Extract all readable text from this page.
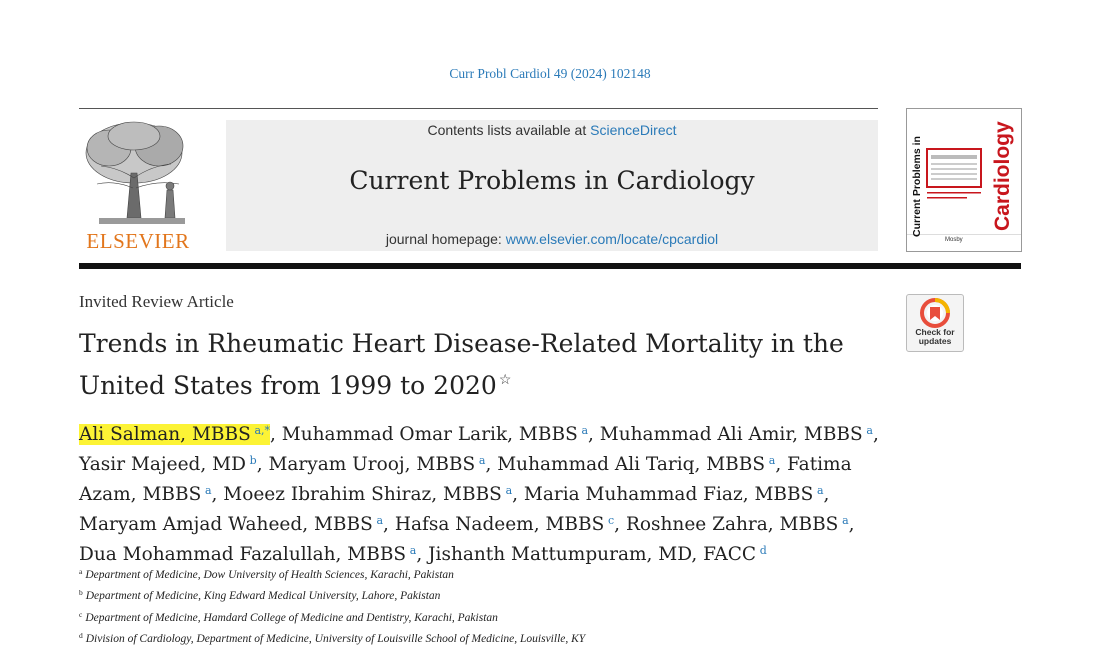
Curr Probl Cardiol 49 (2024) 102148
ELSEVIER
Contents lists available at ScienceDirect
Current Problems in Cardiology
journal homepage: www.elsevier.com/locate/cpcardiol
Current Problems in	Cardiology
Mosby
Invited Review Article
Trends in Rheumatic Heart Disease-Related Mortality in the United States from 1999 to 2020 ☆
Check for
updates
Ali Salman, MBBS  $^{a,*}$, Muhammad Omar Larik, MBBS  $^a$, Muhammad Ali Amir, MBBS  $^a$, Yasir Majeed, MD  $^b$, Maryam Urooj, MBBS  $^a$, Muhammad Ali Tariq, MBBS  $^a$, Fatima Azam, MBBS  $^a$, Moeez Ibrahim Shiraz, MBBS  $^a$, Maria Muhammad Fiaz, MBBS  $^a$, Maryam Amjad Waheed, MBBS  $^a$, Hafsa Nadeem, MBBS  $^c$, Roshnee Zahra, MBBS  $^a$, Dua Mohammad Fazalullah, MBBS  $^a$, Jishanth Mattumpuram, MD, FACC  $^d$
$^a$ Department of Medicine, Dow University of Health Sciences, Karachi, Pakistan
$^b$ Department of Medicine, King Edward Medical University, Lahore, Pakistan
$^c$ Department of Medicine, Hamdard College of Medicine and Dentistry, Karachi, Pakistan
$^d$ Division of Cardiology, Department of Medicine, University of Louisville School of Medicine, Louisville, KY
